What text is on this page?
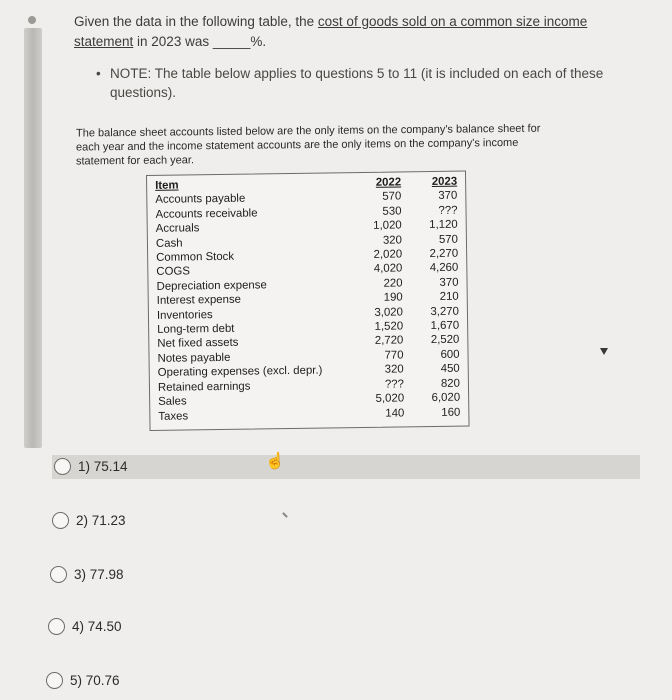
Given the data in the following table, the cost of goods sold on a common size income statement in 2023 was _____%.
• NOTE: The table below applies to questions 5 to 11 (it is included on each of these questions).
The balance sheet accounts listed below are the only items on the company's balance sheet for each year and the income statement accounts are the only items on the company's income statement for each year.
Item
Accounts payable
Accounts receivable
Accruals
Cash
Common Stock
COGS
Depreciation expense
Interest expense
Inventories
Long-term debt
Net fixed assets
Notes payable
Operating expenses (excl. depr.)
Retained earnings
Sales
Taxes
2022
570
530
1,020
320
2,020
4,020
220
190
3,020
1,520
2,720
770
320
???
5,020
140
2023
370
???
1,120
570
2,270
4,260
370
210
3,270
1,670
2,520
600
450
820
6,020
160
1) 75.14	☝
2) 71.23
3) 77.98
4) 74.50
5) 70.76
